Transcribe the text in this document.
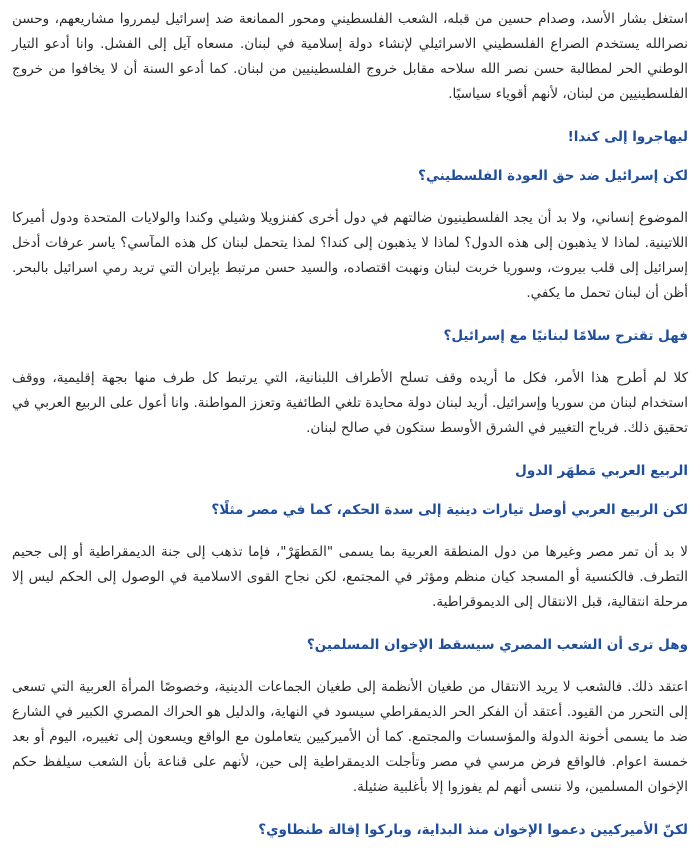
استغل بشار الأسد، وصدام حسين من قبله، الشعب الفلسطيني ومحور الممانعة ضد إسرائيل ليمرروا مشاريعهم، وحسن نصرالله يستخدم الصراع الفلسطيني الاسرائيلي لإنشاء دولة إسلامية في لبنان. مسعاه آيل إلى الفشل. وانا أدعو التيار الوطني الحر لمطالبة حسن نصر الله سلاحه مقابل خروج الفلسطينيين من لبنان. كما أدعو السنة أن لا يخافوا من خروج الفلسطينيين من لبنان، لأنهم أقوياء سياسيًا.

ليهاجروا إلى كندا!
لكن إسرائيل ضد حق العودة الفلسطيني؟

الموضوع إنساني، ولا بد أن يجد الفلسطينيون ضالتهم في دول أخرى كفنزويلا وشيلي وكندا والولايات المتحدة ودول أميركا اللاتينية. لماذا لا يذهبون إلى هذه الدول؟ لماذا لا يذهبون إلى كندا؟ لمذا يتحمل لبنان كل هذه المآسي؟ ياسر عرفات أدخل إسرائيل إلى قلب بيروت، وسوريا خربت لبنان ونهبت اقتصاده، والسيد حسن مرتبط بإيران التي تريد رمي اسرائيل بالبحر. أظن أن لبنان تحمل ما يكفي.

فهل تقترح سلامًا لبنانيًا مع إسرائيل؟

كلا لم أطرح هذا الأمر، فكل ما أريده وقف تسلح الأطراف اللبنانية، التي يرتبط كل طرف منها بجهة إقليمية، ووقف استخدام لبنان من سوريا وإسرائيل. أريد لبنان دولة محايدة تلغي الطائفية وتعزز المواطنة. وانا أعول على الربيع العربي في تحقيق ذلك. فرياح التغيير في الشرق الأوسط ستكون في صالح لبنان.

الربيع العربي مَطهَر الدول
لكن الربيع العربي أوصل تيارات دينية إلى سدة الحكم، كما في مصر مثلًا؟

لا بد أن تمر مصر وغيرها من دول المنطقة العربية بما يسمى "المَطهَرْ"، فإما تذهب إلى جنة الديمقراطية أو إلى جحيم التطرف. فالكنسية أو المسجد كيان منظم ومؤثر في المجتمع، لكن نجاح القوى الاسلامية في الوصول إلى الحكم ليس إلا مرحلة انتقالية، قبل الانتقال إلى الديموقراطية.

وهل ترى أن الشعب المصري سيسقط الإخوان المسلمين؟

اعتقد ذلك. فالشعب لا يريد الانتقال من طغيان الأنظمة إلى طغيان الجماعات الدينية، وخصوصًا المرأة العربية التي تسعى إلى التحرر من القيود. أعتقد أن الفكر الحر الديمقراطي سيسود في النهاية، والدليل هو الحراك المصري الكبير في الشارع ضد ما يسمى أخونة الدولة والمؤسسات والمجتمع. كما أن الأميركيين يتعاملون مع الواقع ويسعون إلى تغييره، اليوم أو بعد خمسة اعوام. فالواقع فرض مرسي في مصر وتأجلت الديمقراطية إلى حين، لأنهم على قناعة بأن الشعب سيلفظ حكم الإخوان المسلمين، ولا ننسى أنهم لم يفوزوا إلا بأغلبية ضئيلة.

لكنّ الأميركيين دعموا الإخوان منذ البداية، وباركوا إقالة طنطاوي؟
